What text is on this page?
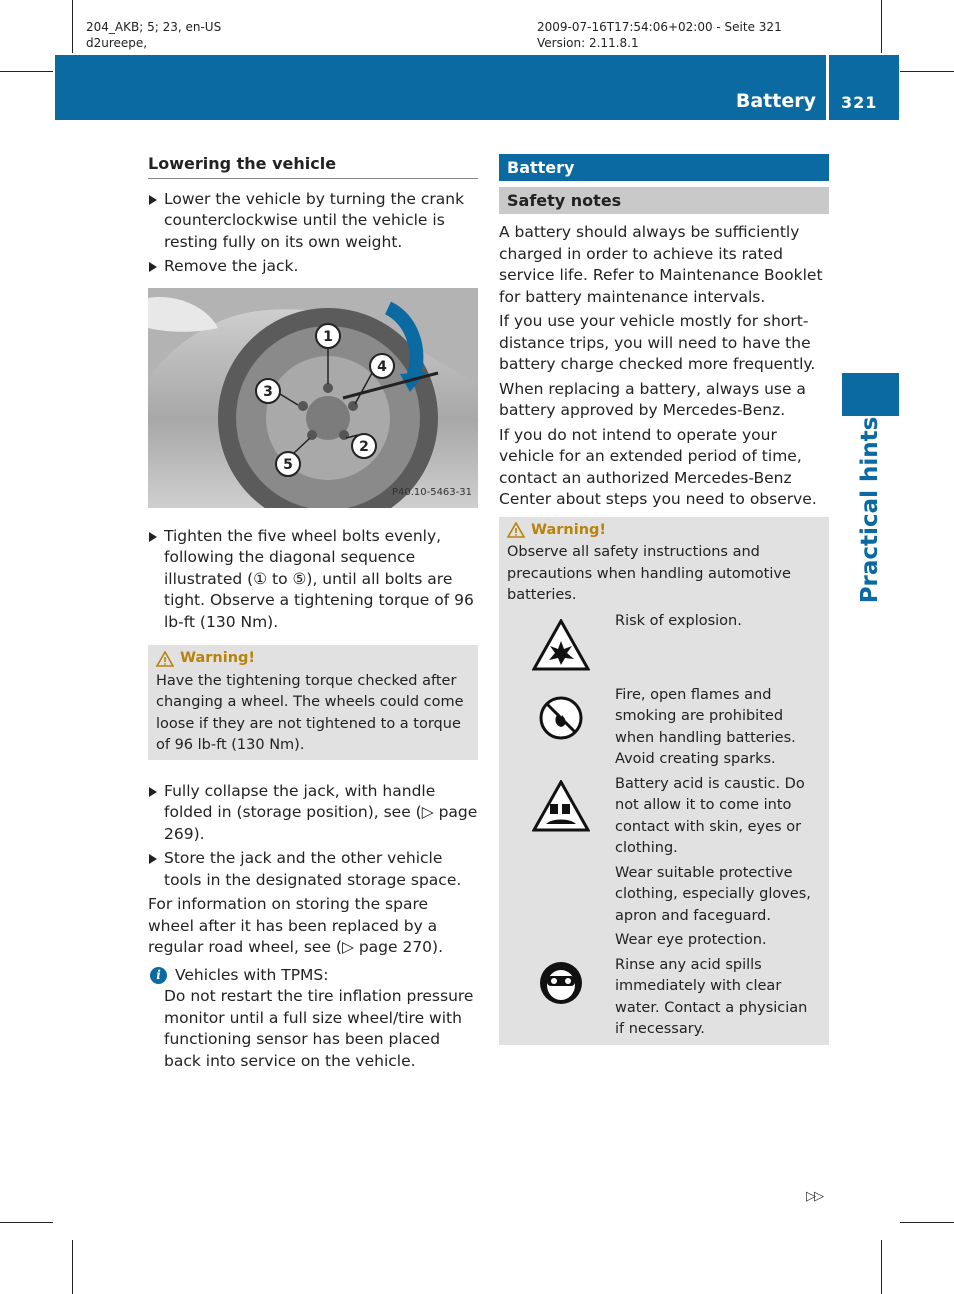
204_AKB; 5; 23, en-US
d2ureepe,
2009-07-16T17:54:06+02:00 - Seite 321
Version: 2.11.8.1
Battery 321
Practical hints
Lowering the vehicle
Lower the vehicle by turning the crank counterclockwise until the vehicle is resting fully on its own weight.
Remove the jack.
1
2
3
4
5
P40.10-5463-31
Tighten the five wheel bolts evenly, following the diagonal sequence illustrated (① to ⑤), until all bolts are tight. Observe a tightening torque of 96 lb-ft (130 Nm).
Warning!
Have the tightening torque checked after changing a wheel. The wheels could come loose if they are not tightened to a torque of 96 lb-ft (130 Nm).
Fully collapse the jack, with handle folded in (storage position), see (▷ page 269).
Store the jack and the other vehicle tools in the designated storage space.
For information on storing the spare wheel after it has been replaced by a regular road wheel, see (▷ page 270).
i Vehicles with TPMS:
Do not restart the tire inflation pressure monitor until a full size wheel/tire with functioning sensor has been placed back into service on the vehicle.
Battery
Safety notes
A battery should always be sufficiently charged in order to achieve its rated service life. Refer to Maintenance Booklet for battery maintenance intervals.
If you use your vehicle mostly for short-distance trips, you will need to have the battery charge checked more frequently.
When replacing a battery, always use a battery approved by Mercedes-Benz.
If you do not intend to operate your vehicle for an extended period of time, contact an authorized Mercedes-Benz Center about steps you need to observe.
Warning!
Observe all safety instructions and precautions when handling automotive batteries.
Risk of explosion.
Fire, open flames and smoking are prohibited when handling batteries. Avoid creating sparks.
Battery acid is caustic. Do not allow it to come into contact with skin, eyes or clothing.
Wear suitable protective clothing, especially gloves, apron and faceguard.
Wear eye protection.
Rinse any acid spills immediately with clear water. Contact a physician if necessary.
▷▷
